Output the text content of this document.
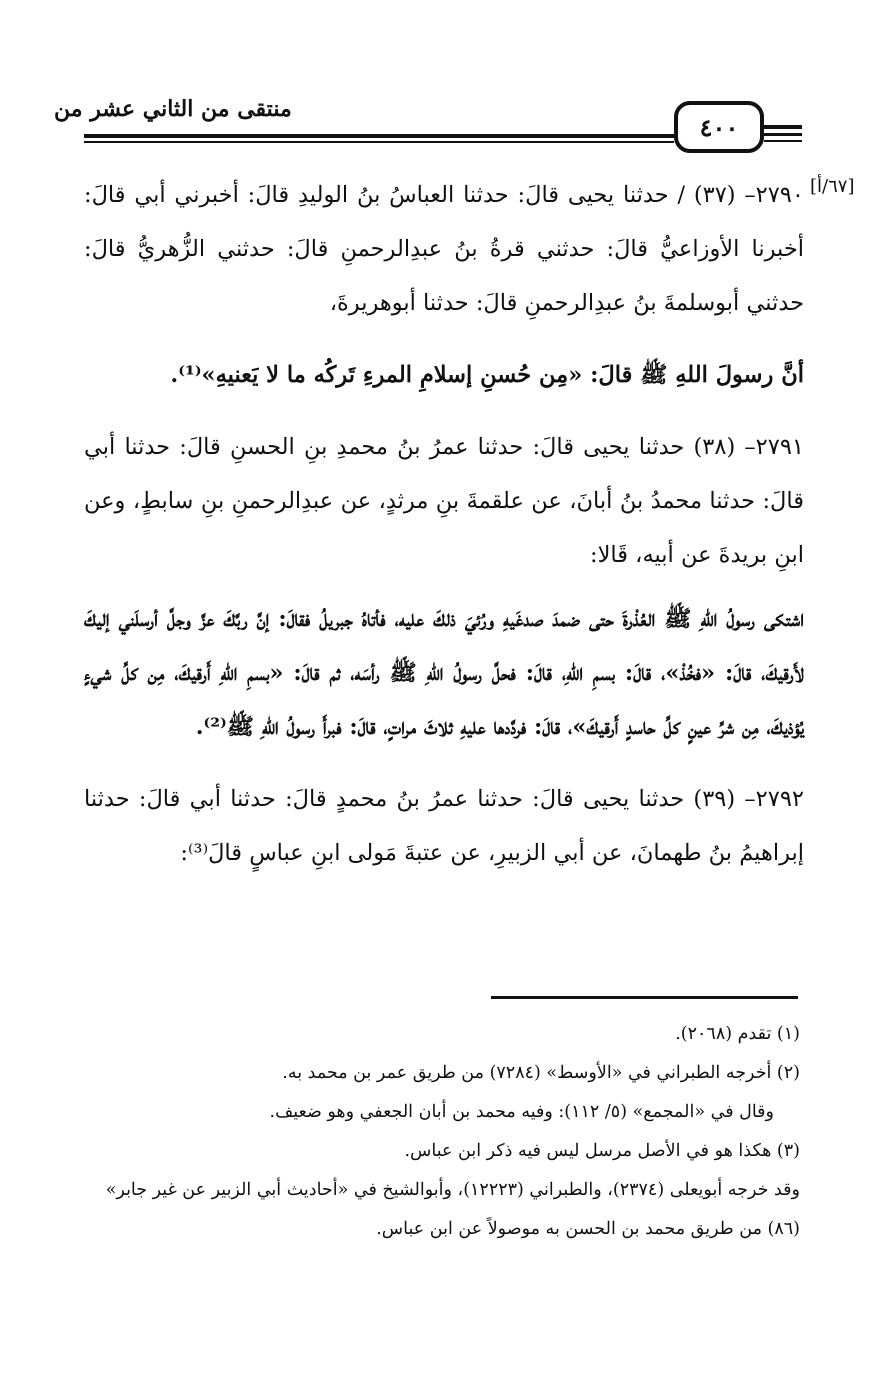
منتقى من الثاني عشر من
٤٠٠
[٦٧/أ]

٢٧٩٠– (٣٧) / حدثنا يحيى قالَ: حدثنا العباسُ بنُ الوليدِ قالَ: أخبرني أبي قالَ: أخبرنا الأوزاعيُّ قالَ: حدثني قرةُ بنُ عبدِالرحمنِ قالَ: حدثني الزُّهريُّ قالَ: حدثني أبوسلمةَ بنُ عبدِالرحمنِ قالَ: حدثنا أبوهريرةَ،

أنَّ رسولَ اللهِ ﷺ قالَ: «مِن حُسنِ إسلامِ المرءِ تَركُه ما لا يَعنيهِ»⁽¹⁾.

٢٧٩١– (٣٨) حدثنا يحيى قالَ: حدثنا عمرُ بنُ محمدِ بنِ الحسنِ قالَ: حدثنا أبي قالَ: حدثنا محمدُ بنُ أبانَ، عن علقمةَ بنِ مرثدٍ، عن عبدِالرحمنِ بنِ سابطٍ، وعن ابنِ بريدةَ عن أبيه، قَالا:

اشتكى رسولُ اللهِ ﷺ العُذْرةَ حتى ضمدَ صدغَيهِ ورُئيَ ذلكَ عليه، فأتاهُ جبريلُ فقالَ: إنَّ ربَّكَ عزَّ وجلَّ أرسلَني إليكَ لأَرقيكَ، قالَ: «فخُذْ»، قالَ: بسمِ اللهِ، قالَ: فحلَّ رسولُ اللهِ ﷺ رأسَه، ثم قالَ: «بسمِ اللهِ أَرقيكَ، مِن كلِّ شيءٍ يُؤذيكَ، مِن شرِّ عينٍ كلِّ حاسدٍ أَرقيكَ»، قالَ: فردَّدها عليهِ ثلاثَ مراتٍ، قالَ: فبرأَ رسولُ اللهِ ﷺ⁽²⁾.

٢٧٩٢– (٣٩) حدثنا يحيى قالَ: حدثنا عمرُ بنُ محمدٍ قالَ: حدثنا أبي قالَ: حدثنا إبراهيمُ بنُ طهمانَ، عن أبي الزبيرِ، عن عتبةَ مَولى ابنِ عباسٍ قالَ⁽³⁾:

(١) تقدم (٢٠٦٨).

(٢) أخرجه الطبراني في «الأوسط» (٧٢٨٤) من طريق عمر بن محمد به.

وقال في «المجمع» (٥/ ١١٢): وفيه محمد بن أبان الجعفي وهو ضعيف.

(٣) هكذا هو في الأصل مرسل ليس فيه ذكر ابن عباس.

وقد خرجه أبويعلى (٢٣٧٤)، والطبراني (١٢٢٢٣)، وأبوالشيخ في «أحاديث أبي الزبير عن غير جابر» (٨٦) من طريق محمد بن الحسن به موصولاً عن ابن عباس.
